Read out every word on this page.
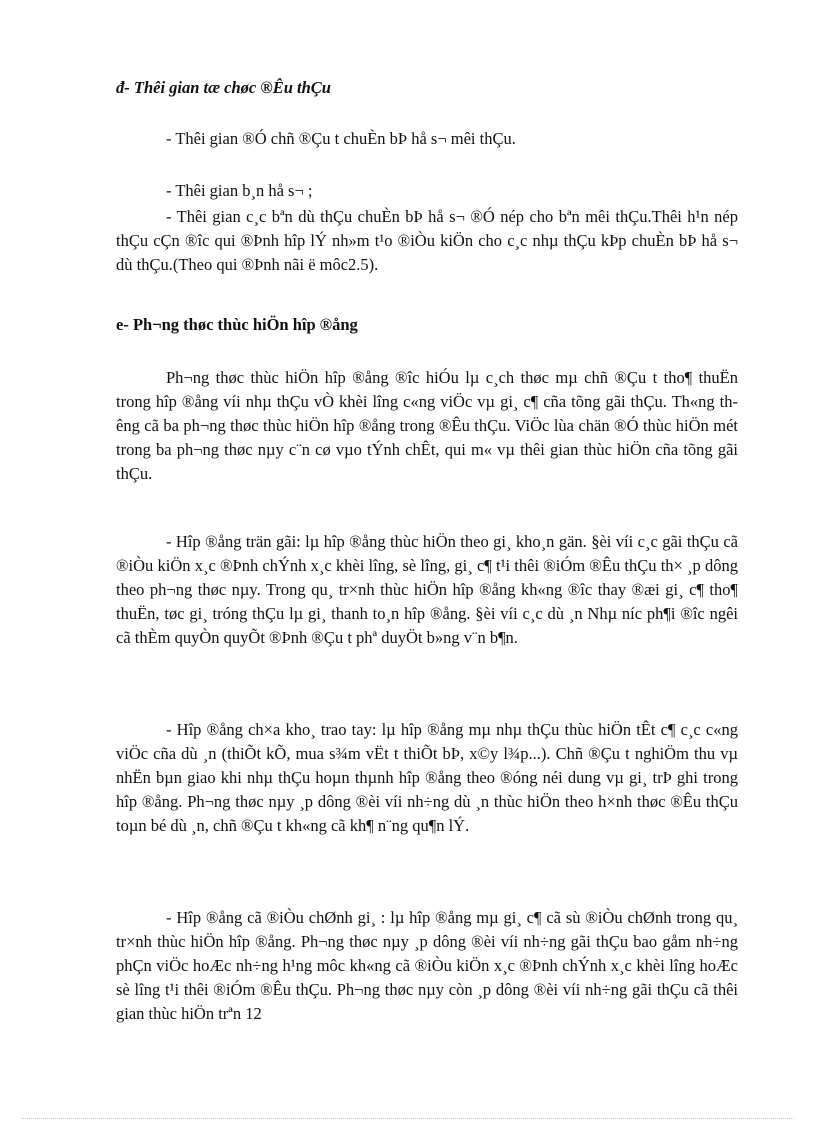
đ- Thêi gian tæ chøc ®Êu thÇu
- Thêi gian ®Ó chñ ®Çu t chuÈn bÞ hå s¬ mêi thÇu.
- Thêi gian b¸n hå s¬ ;

- Thêi gian c¸c bªn dù thÇu chuÈn bÞ hå s¬ ®Ó nép cho bªn mêi thÇu.Thêi h¹n nép thÇu cÇn ®îc qui ®Þnh hîp lÝ nh»m t¹o ®iÒu kiÖn cho c¸c nhµ thÇu kÞp chuÈn bÞ hå s¬ dù thÇu.(Theo qui ®Þnh nãi ë môc2.5).

e- Ph¬ng thøc thùc hiÖn hîp ®ång

Ph¬ng thøc thùc hiÖn hîp ®ång ®îc hiÓu lµ c¸ch thøc mµ chñ ®Çu t tho¶ thuËn trong hîp ®ång víi nhµ thÇu vÒ khèi lîng c«ng viÖc vµ gi¸ c¶ cña tõng gãi thÇu. Th«ng thêng cã ba ph¬ng thøc thùc hiÖn hîp ®ång trong ®Êu thÇu. ViÖc lùa chän ®Ó thùc hiÖn mét trong ba ph¬ng thøc nµy c¨n cø vµo tÝnh chÊt, qui m« vµ thêi gian thùc hiÖn cña tõng gãi thÇu.

- Hîp ®ång trän gãi: lµ hîp ®ång thùc hiÖn theo gi¸ kho¸n gän. §èi víi c¸c gãi thÇu cã ®iÒu kiÖn x¸c ®Þnh chÝnh x¸c khèi lîng, sè lîng, gi¸ c¶ t¹i thêi ®iÓm ®Êu thÇu th× ¸p dông theo ph¬ng thøc nµy. Trong qu¸ tr×nh thùc hiÖn hîp ®ång kh«ng ®îc thay ®æi gi¸ c¶ tho¶ thuËn, tøc gi¸ tróng thÇu lµ gi¸ thanh to¸n hîp ®ång. §èi víi c¸c dù ¸n Nhµ níc ph¶i ®îc ngêi cã thÈm quyÒn quyÕt ®Þnh ®Çu t phª duyÖt b»ng v¨n b¶n.

- Hîp ®ång ch×a kho¸ trao tay: lµ hîp ®ång mµ nhµ thÇu thùc hiÖn tÊt c¶ c¸c c«ng viÖc cña dù ¸n (thiÕt kÕ, mua s¾m vËt t thiÕt bÞ, x©y l¾p...). Chñ ®Çu t nghiÖm thu vµ nhËn bµn giao khi nhµ thÇu hoµn thµnh hîp ®ång theo ®óng néi dung vµ gi¸ trÞ ghi trong hîp ®ång. Ph¬ng thøc nµy ¸p dông ®èi víi nh÷ng dù ¸n thùc hiÖn theo h×nh thøc ®Êu thÇu toµn bé dù ¸n, chñ ®Çu t kh«ng cã kh¶ n¨ng qu¶n lÝ.

- Hîp ®ång cã ®iÒu chØnh gi¸ : lµ hîp ®ång mµ gi¸ c¶ cã sù ®iÒu chØnh trong qu¸ tr×nh thùc hiÖn hîp ®ång. Ph¬ng thøc nµy ¸p dông ®èi víi nh÷ng gãi thÇu bao gåm nh÷ng phÇn viÖc hoÆc nh÷ng h¹ng môc kh«ng cã ®iÒu kiÖn x¸c ®Þnh chÝnh x¸c khèi lîng hoÆc sè lîng t¹i thêi ®iÓm ®Êu thÇu. Ph¬ng thøc nµy còn ¸p dông ®èi víi nh÷ng gãi thÇu cã thêi gian thùc hiÖn trªn 12
